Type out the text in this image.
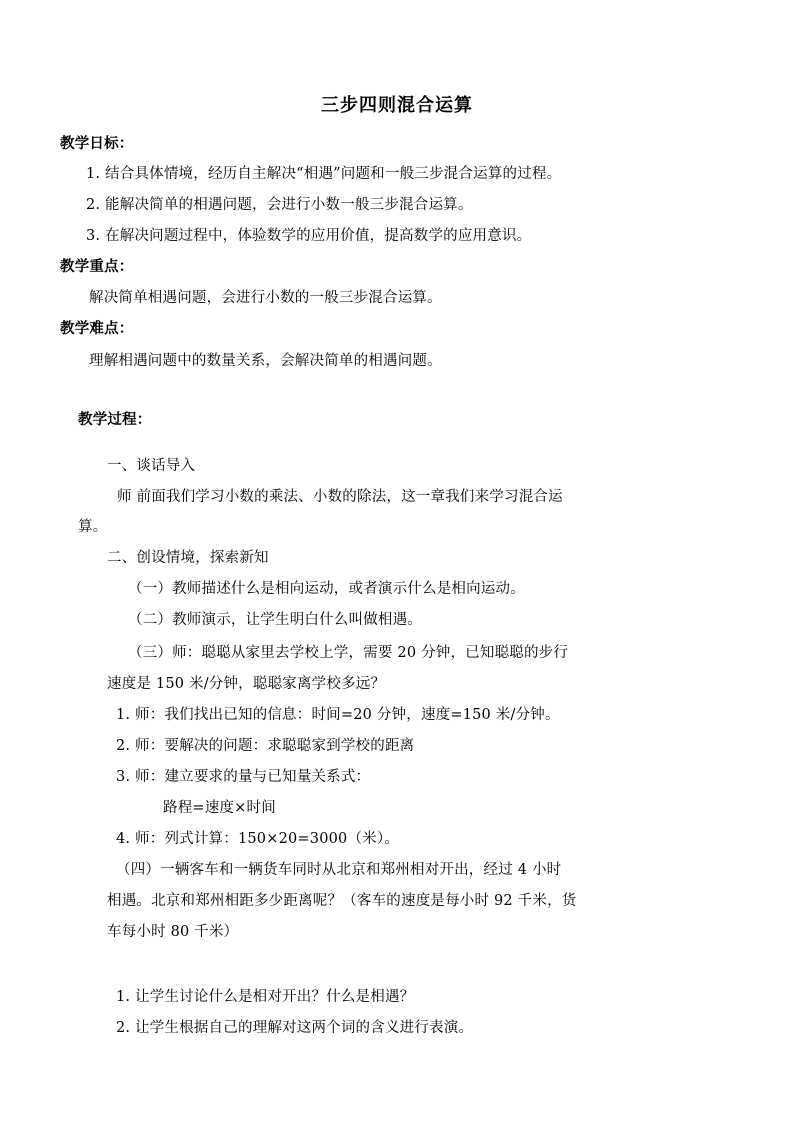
三步四则混合运算
教学日标：
1. 结合具体情境，经历自主解决“相遇”问题和一般三步混合运算的过程。
2. 能解决简单的相遇问题，会进行小数一般三步混合运算。
3. 在解决问题过程中，体验数学的应用价值，提高数学的应用意识。
教学重点：
解决简单相遇问题，会进行小数的一般三步混合运算。
教学难点：
理解相遇问题中的数量关系，会解决简单的相遇问题。
教学过程：
一、谈话导入
师 前面我们学习小数的乘法、小数的除法，这一章我们来学习混合运
算。
二、创设情境，探索新知
（一）教师描述什么是相向运动，或者演示什么是相向运动。
（二）教师演示，让学生明白什么叫做相遇。
（三）师：聪聪从家里去学校上学，需要 20 分钟，已知聪聪的步行
速度是 150 米/分钟，聪聪家离学校多远？
1. 师：我们找出已知的信息：时间=20 分钟，速度=150 米/分钟。
2. 师：要解决的问题：求聪聪家到学校的距离
3. 师：建立要求的量与已知量关系式：
路程=速度×时间
4. 师：列式计算：150×20=3000（米）。
（四）一辆客车和一辆货车同时从北京和郑州相对开出，经过 4 小时
相遇。北京和郑州相距多少距离呢？（客车的速度是每小时 92 千米，货
车每小时 80 千米）
1. 让学生讨论什么是相对开出？什么是相遇？
2. 让学生根据自己的理解对这两个词的含义进行表演。
